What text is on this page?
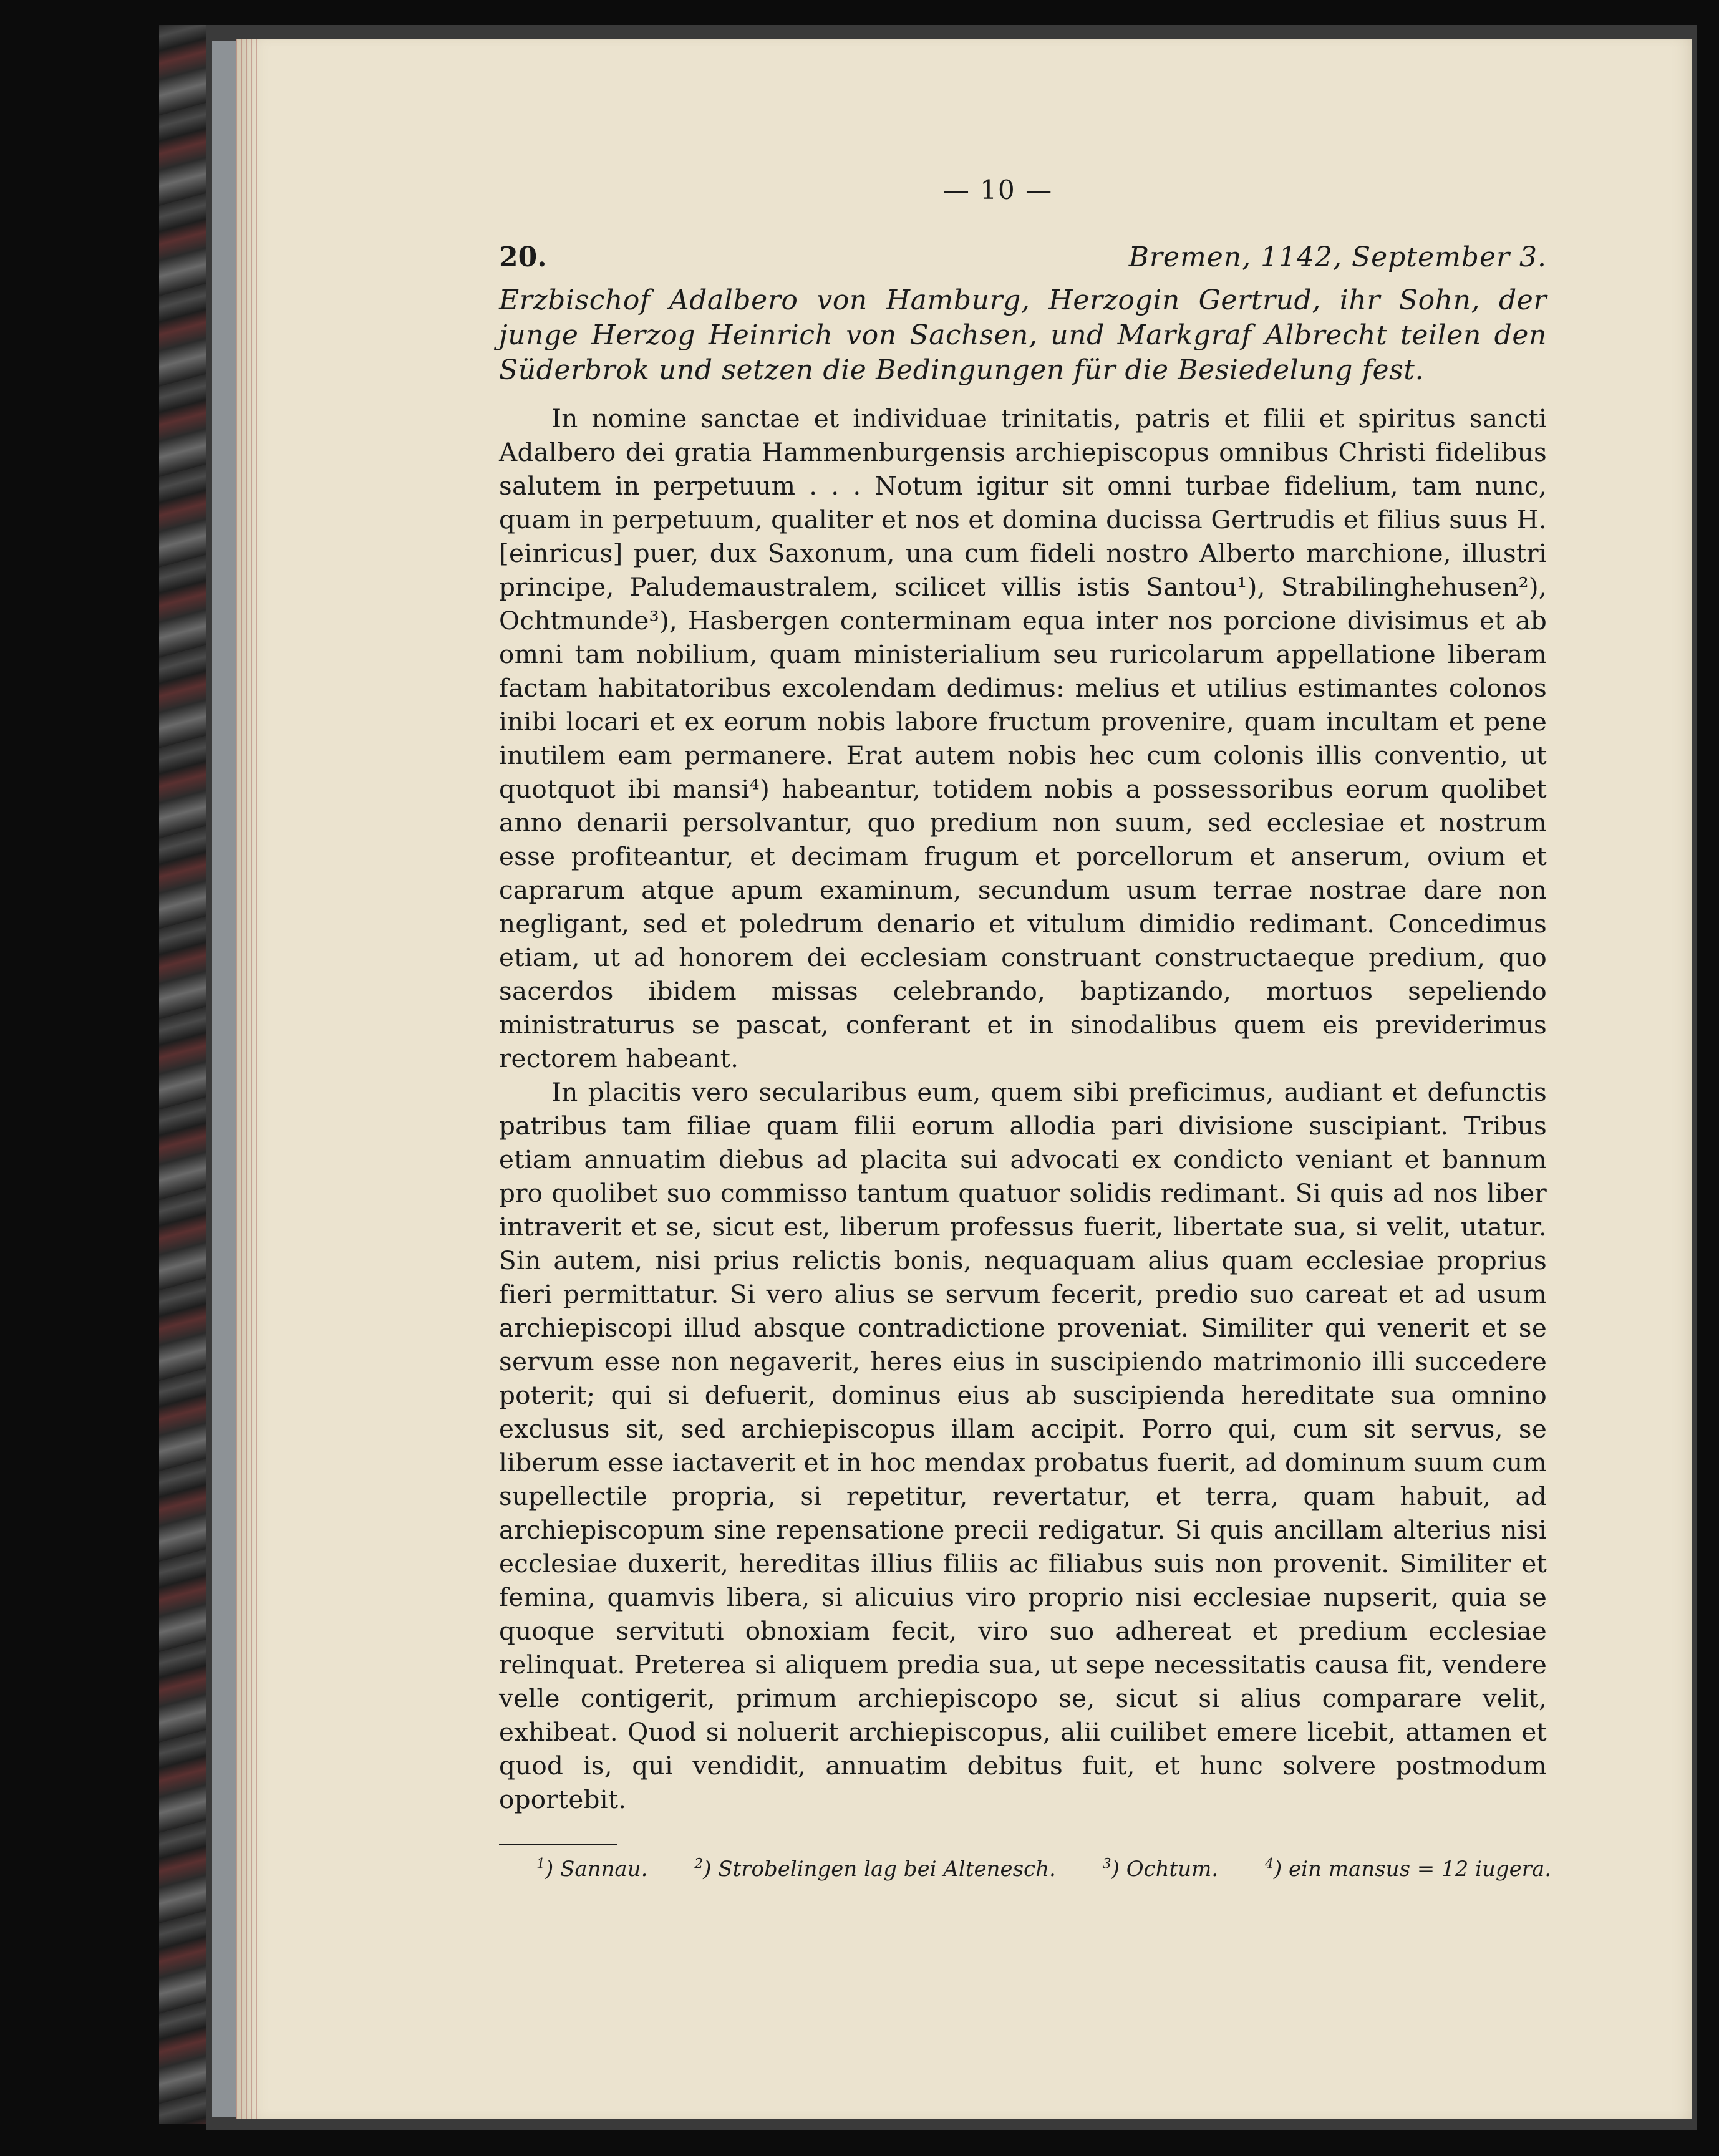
— 10 —
20.	Bremen, 1142, September 3.
Erzbischof Adalbero von Hamburg, Herzogin Gertrud, ihr Sohn, der junge Herzog Heinrich von Sachsen, und Markgraf Albrecht teilen den Süderbrok und setzen die Bedingungen für die Besiedelung fest.

In nomine sanctae et individuae trinitatis, patris et filii et spiritus sancti Adalbero dei gratia Hammenburgensis archiepiscopus omnibus Christi fidelibus salutem in perpetuum . . . Notum igitur sit omni turbae fidelium, tam nunc, quam in perpetuum, qualiter et nos et domina ducissa Gertrudis et filius suus H.[einricus] puer, dux Saxonum, una cum fideli nostro Alberto marchione, illustri principe, Paludemaustralem, scilicet villis istis Santou¹), Strabilinghehusen²), Ochtmunde³), Hasbergen conterminam equa inter nos porcione divisimus et ab omni tam nobilium, quam ministerialium seu ruricolarum appellatione liberam factam habitatoribus excolendam dedimus: melius et utilius estimantes colonos inibi locari et ex eorum nobis labore fructum provenire, quam incultam et pene inutilem eam permanere. Erat autem nobis hec cum colonis illis conventio, ut quotquot ibi mansi⁴) habeantur, totidem nobis a possessoribus eorum quolibet anno denarii persolvantur, quo predium non suum, sed ecclesiae et nostrum esse profiteantur, et decimam frugum et porcellorum et anserum, ovium et caprarum atque apum examinum, secundum usum terrae nostrae dare non negligant, sed et poledrum denario et vitulum dimidio redimant. Concedimus etiam, ut ad honorem dei ecclesiam construant constructaeque predium, quo sacerdos ibidem missas celebrando, baptizando, mortuos sepeliendo ministraturus se pascat, conferant et in sinodalibus quem eis previderimus rectorem habeant.

In placitis vero secularibus eum, quem sibi preficimus, audiant et defunctis patribus tam filiae quam filii eorum allodia pari divisione suscipiant. Tribus etiam annuatim diebus ad placita sui advocati ex condicto veniant et bannum pro quolibet suo commisso tantum quatuor solidis redimant. Si quis ad nos liber intraverit et se, sicut est, liberum professus fuerit, libertate sua, si velit, utatur. Sin autem, nisi prius relictis bonis, nequaquam alius quam ecclesiae proprius fieri permittatur. Si vero alius se servum fecerit, predio suo careat et ad usum archiepiscopi illud absque contradictione proveniat. Similiter qui venerit et se servum esse non negaverit, heres eius in suscipiendo matrimonio illi succedere poterit; qui si defuerit, dominus eius ab suscipienda hereditate sua omnino exclusus sit, sed archiepiscopus illam accipit. Porro qui, cum sit servus, se liberum esse iactaverit et in hoc mendax probatus fuerit, ad dominum suum cum supellectile propria, si repetitur, revertatur, et terra, quam habuit, ad archiepiscopum sine repensatione precii redigatur. Si quis ancillam alterius nisi ecclesiae duxerit, hereditas illius filiis ac filiabus suis non provenit. Similiter et femina, quamvis libera, si alicuius viro proprio nisi ecclesiae nupserit, quia se quoque servituti obnoxiam fecit, viro suo adhereat et predium ecclesiae relinquat. Preterea si aliquem predia sua, ut sepe necessitatis causa fit, vendere velle contigerit, primum archiepiscopo se, sicut si alius comparare velit, exhibeat. Quod si noluerit archiepiscopus, alii cuilibet emere licebit, attamen et quod is, qui vendidit, annuatim debitus fuit, et hunc solvere postmodum oportebit.

$^1$) Sannau.	$^2$) Strobelingen lag bei Altenesch.	$^3$) Ochtum.	$^4$) ein mansus = 12 iugera.
